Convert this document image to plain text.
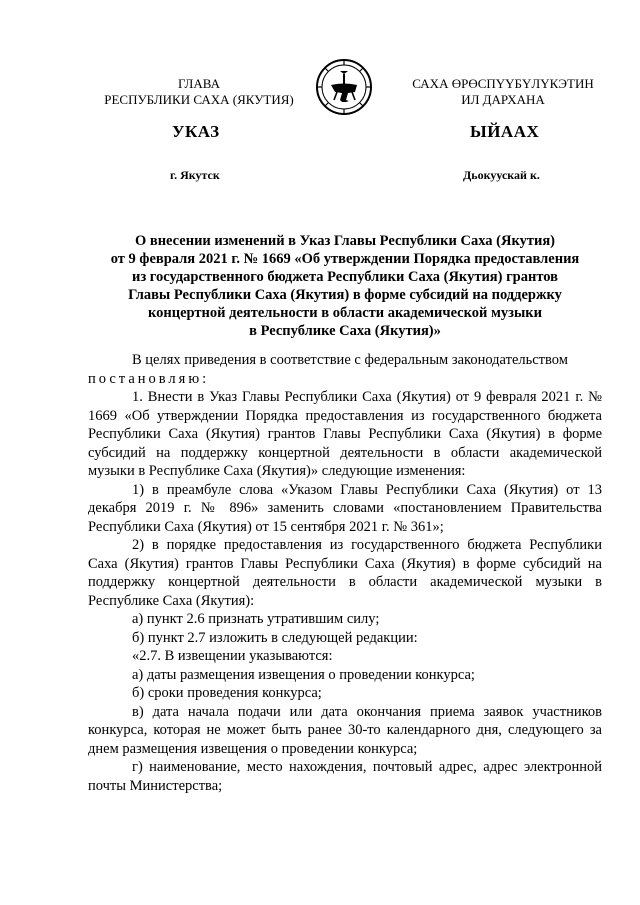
ГЛАВА
РЕСПУБЛИКИ САХА (ЯКУТИЯ)
САХА ӨРӨСПҮҮБҮЛҮКЭТИН
ИЛ ДАРХАНА
УКАЗ	ЫЙААХ
г. Якутск	Дьокуускай к.
О внесении изменений в Указ Главы Республики Саха (Якутия)
от 9 февраля 2021 г. № 1669 «Об утверждении Порядка предоставления
из государственного бюджета Республики Саха (Якутия) грантов
Главы Республики Саха (Якутия) в форме субсидий на поддержку
концертной деятельности в области академической музыки
в Республике Саха (Якутия)»

В целях приведения в соответствие с федеральным законодательством

постановляю:

1. Внести в Указ Главы Республики Саха (Якутия) от 9 февраля 2021 г. № 1669 «Об утверждении Порядка предоставления из государственного бюджета Республики Саха (Якутия) грантов Главы Республики Саха (Якутия) в форме субсидий на поддержку концертной деятельности в области академической музыки в Республике Саха (Якутия)» следующие изменения:

1) в преамбуле слова «Указом Главы Республики Саха (Якутия) от 13 декабря 2019 г. № 896» заменить словами «постановлением Правительства Республики Саха (Якутия) от 15 сентября 2021 г. № 361»;

2) в порядке предоставления из государственного бюджета Республики Саха (Якутия) грантов Главы Республики Саха (Якутия) в форме субсидий на поддержку концертной деятельности в области академической музыки в Республике Саха (Якутия):

а) пункт 2.6 признать утратившим силу;

б) пункт 2.7 изложить в следующей редакции:

«2.7. В извещении указываются:

а) даты размещения извещения о проведении конкурса;

б) сроки проведения конкурса;

в) дата начала подачи или дата окончания приема заявок участников конкурса, которая не может быть ранее 30-то календарного дня, следующего за днем размещения извещения о проведении конкурса;

г) наименование, место нахождения, почтовый адрес, адрес электронной почты Министерства;
